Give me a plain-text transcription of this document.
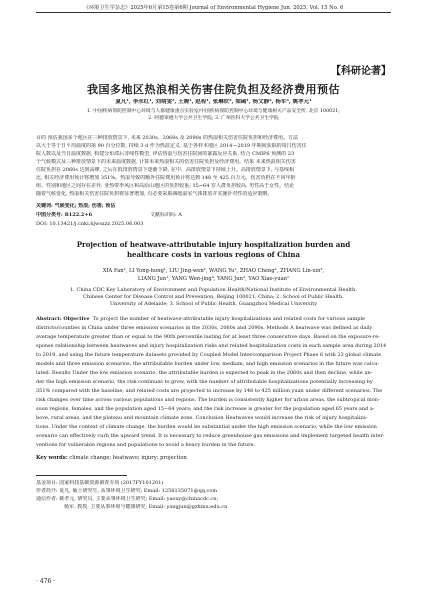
《环境卫生学杂志》2025年6月第15卷第6期 Journal of Environmental Hygiene Jun. 2025, Vol. 15 No. 6
【科研论著】
我国多地区热浪相关伤害住院负担及经济费用预估
夏凡¹, 李永红¹, 刘靖雯², 王婉¹, 赵程¹, 张琳钦², 梁碣¹, 杨文静³, 杨军³, 姚孝元¹
1. 中国疾病预防控制中心环境与人群健康重点实验室/中国疾病预防控制中心环境与健康相关产品安全所, 北京 100021;
2. 阿德莱德大学公共卫生学院; 3. 广州医科大学公共卫生学院
目的 预估我国多个地区在三种排放情景下, 未来 2030s、2060s 及 2090s 的热浪相关伤害住院负担和经济费用。方法
以大于等于日平均温度的第 90 百分位数, 持续 3 d 作为热浪定义, 基于各样本地区 2014—2019 年期间获取的每日伤害住
院人数以及当日温度数据, 构建分布滞后非线性模型, 评估热浪与伤害住院间的暴露反应关系, 结合 CMIP6 预测的 23
个气候模式及三种排放情景下的未来温度数据, 计算未来热浪相关的伤害住院负担及经济费用。结果 未来热浪相关伤害
住院负担在 2060s 达到高峰, 之后在低排放情景下逐渐下降, 在中、高排放情景下持续上升。高排放情景下, 与基线相
比, 相关经济费用预计将增加 351%。热浪导致的额外住院费用预计将达到 148 至 425 百万元。伤害负担在不同年龄
组、性别和地区之间存在差异, 亚热带季风区和高原山地区的负担较重; 15~64 岁人群负担较高, 男性高于女性。结论
随着气候变化, 热浪相关伤害住院负担将显著增加, 有必要采取减缓温室气体排放并实施针对性的适应策略。
关键词: 气候变化; 热浪; 伤害; 预估
中图分类号: R122.2+6	文献标识码: A
DOI: 10.13421/j.cnki.hjwsxzz.2025.06.003
Projection of heatwave-attributable injury hospitalization burden and
healthcare costs in various regions of China
XIA Fan¹, LI Yong-hong¹, LIU Jing-wen², WANG Yu¹, ZHAO Cheng¹, ZHANG Lin-xin²,
LIANG Jun¹, YANG Wen-jing³, YANG Jun³, YAO Xiao-yuan¹
1. China CDC Key Laboratory of Environment and Population Health/National Institute of Environmental Health,
Chinese Center for Disease Control and Prevention, Beijing 100021, China; 2. School of Public Health,
University of Adelaide; 3. School of Public Health, Guangzhou Medical University
Abstract: Objective To project the number of heatwave-attributable injury hospitalizations and related costs for various sample
districts/counties in China under three emission scenarios in the 2030s, 2060s and 2090s. Methods A heatwave was defined as daily
average temperature greater than or equal to the 90th percentile lasting for at least three consecutive days. Based on the exposure-re-
sponse relationship between heatwaves and injury hospitalization risks and related hospitalization costs in each sample area during 2014
to 2019, and using the future temperature datasets provided by Coupled Model Intercomparison Project Phase 6 with 23 global climate
models and three emission scenarios, the attributable burden under low, medium, and high emission scenarios in the future was calcu-
lated. Results Under the low emission scenario, the attributable burden is expected to peak in the 2060s and then decline, while un-
der the high emission scenario, the risk continues to grow, with the number of attributable hospitalizations potentially increasing by
351% compared with the baseline; and related costs are projected to increase by 148 to 425 million yuan under different scenarios. The
risk changes over time across various populations and regions. The burden is consistently higher for urban areas, the subtropical mon-
soon regions, females, and the population aged 15−64 years; and the risk increase is greater for the population aged 65 years and a-
bove, rural areas, and the plateau and mountain climate zone. Conclusion Heatwaves would increase the risk of injury hospitaliza-
tions. Under the context of climate change, the burden would be substantial under the high emission scenario, while the low emission
scenario can effectively curb the upward trend. It is necessary to reduce greenhouse gas emissions and implement targeted health inter-
ventions for vulnerable regions and populations to avoid a heavy burden in the future.
Key words: climate change; heatwave; injury; projection
基金项目: 国家科技基础资源调查专项 (2017FY101201)
作者简介: 夏凡, 硕士研究生, 从事环境卫生研究; Email: 1258135071@qq.com
通信作者: 姚孝元, 研究员, 主要从事环境卫生研究; Email: yaoxy@chinacdc.cn;
杨军, 教授, 主要从事环境与健康研究; Email: yangjun@gzhmu.edu.cn
· 476 ·
